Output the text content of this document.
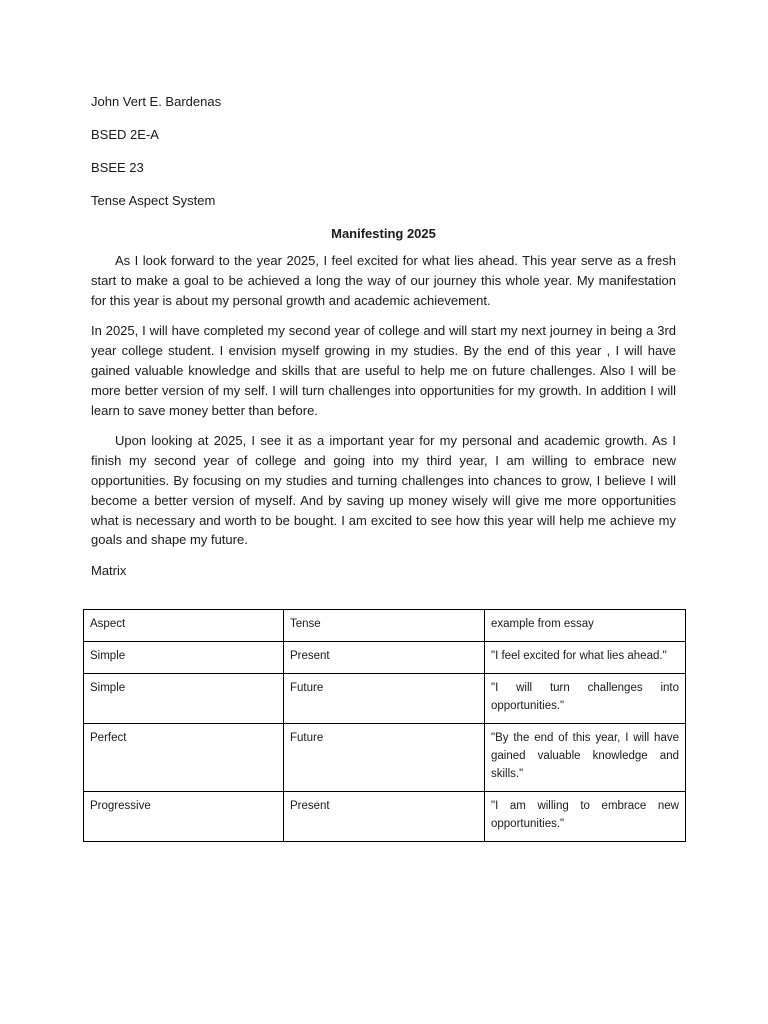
John Vert E. Bardenas

BSED 2E-A

BSEE 23

Tense Aspect System

Manifesting 2025

As I look forward to the year 2025, I feel excited for what lies ahead. This year serve as a fresh start to make a goal to be achieved a long the way of our journey this whole year. My manifestation for this year is about my personal growth and academic achievement.

In 2025, I will have completed my second year of college and will start my next journey in being a 3rd year college student. I envision myself growing in my studies. By the end of this year , I will have gained valuable knowledge and skills that are useful to help me on future challenges. Also I will be more better version of my self. I will turn challenges into opportunities for my growth. In addition I will learn to save money better than before.

Upon looking at 2025, I see it as a important year for my personal and academic growth. As I finish my second year of college and going into my third year, I am willing to embrace new opportunities. By focusing on my studies and turning challenges into chances to grow, I believe I will become a better version of myself. And by saving up money wisely will give me more opportunities what is necessary and worth to be bought. I am excited to see how this year will help me achieve my goals and shape my future.

Matrix

Aspect	Tense	example from essay
Simple	Present	"I feel excited for what lies ahead."
Simple	Future	"I will turn challenges into opportunities."
Perfect	Future	"By the end of this year, I will have gained valuable knowledge and skills."
Progressive	Present	"I am willing to embrace new opportunities."
